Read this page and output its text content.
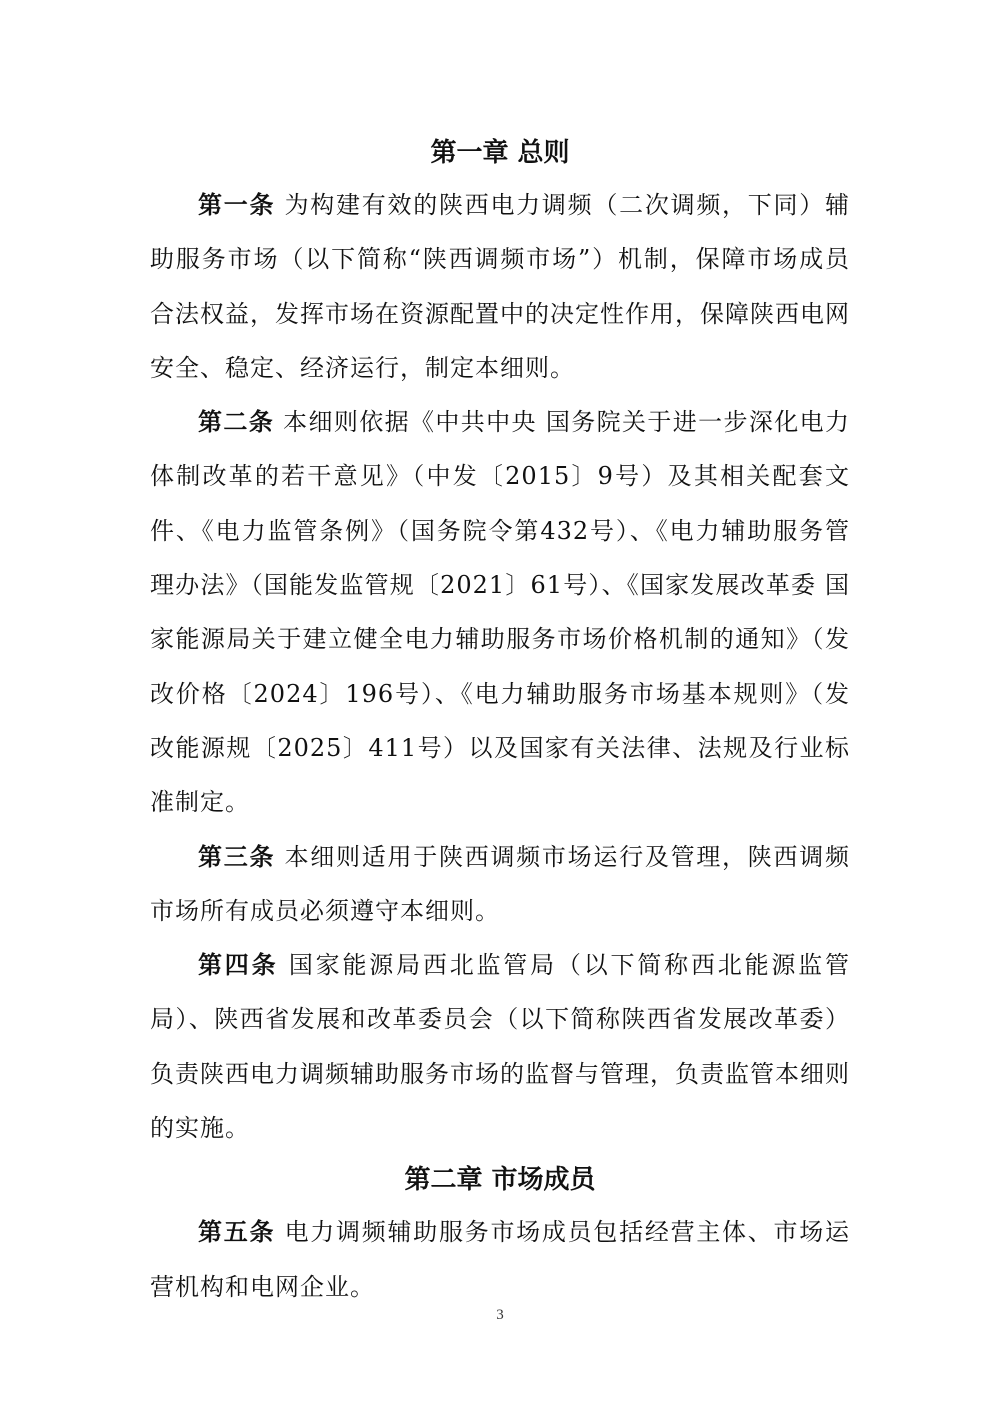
第一章 总则

第一条 为构建有效的陕西电力调频（二次调频，下同）辅助服务市场（以下简称“陕西调频市场”）机制，保障市场成员合法权益，发挥市场在资源配置中的决定性作用，保障陕西电网安全、稳定、经济运行，制定本细则。

第二条 本细则依据《中共中央 国务院关于进一步深化电力体制改革的若干意见》（中发〔2015〕9号）及其相关配套文件、《电力监管条例》（国务院令第432号）、《电力辅助服务管理办法》（国能发监管规〔2021〕61号）、《国家发展改革委 国家能源局关于建立健全电力辅助服务市场价格机制的通知》（发改价格〔2024〕196号）、《电力辅助服务市场基本规则》（发改能源规〔2025〕411号）以及国家有关法律、法规及行业标准制定。

第三条 本细则适用于陕西调频市场运行及管理，陕西调频市场所有成员必须遵守本细则。

第四条 国家能源局西北监管局（以下简称西北能源监管局）、陕西省发展和改革委员会（以下简称陕西省发展改革委）负责陕西电力调频辅助服务市场的监督与管理，负责监管本细则的实施。

第二章 市场成员

第五条 电力调频辅助服务市场成员包括经营主体、市场运营机构和电网企业。

3
